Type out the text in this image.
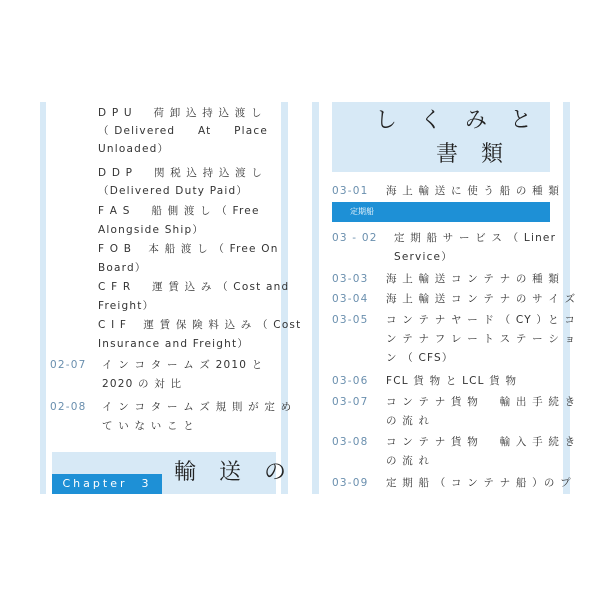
D P U 　 荷 卸 込 持 込 渡 し
（ Delivered At Place
Unloaded）
D D P 　 関 税 込 持 込 渡 し
（Delivered Duty Paid）
F A S 　 船 側 渡 し （ Free
Alongside Ship）
F O B 　本 船 渡 し （ Free On
Board）
C F R 　 運 賃 込 み （ Cost and
Freight）
C I F 　運 賃 保 険 料 込 み （ Cost
Insurance and Freight）
02-07 イ ン コ タ ー ム ズ 2010 と
2020 の 対 比
02-08 イ ン コ タ ー ム ズ 規 則 が 定 め
て い な い こ と
Chapter　3	輸 送 の
し く み と
書 類
03-01 海 上 輸 送 に 使 う 船 の 種 類
定期船
03 - 02 定 期 船 サ ー ビ ス （ Liner
Service）
03-03 海 上 輸 送 コ ン テ ナ の 種 類
03-04 海 上 輸 送 コ ン テ ナ の サ イ ズ
03-05 コ ン テ ナ ヤ ー ド （ CY ）と コ
ン テ ナ フ レ ー ト ス テ ー シ ョ
ン （ CFS）
03-06 FCL 貨 物 と LCL 貨 物
03-07 コ ン テ ナ 貨 物 　 輸 出 手 続 き
の 流 れ
03-08 コ ン テ ナ 貨 物 　 輸 入 手 続 き
の 流 れ
03-09 定 期 船 （ コ ン テ ナ 船 ）の プ
